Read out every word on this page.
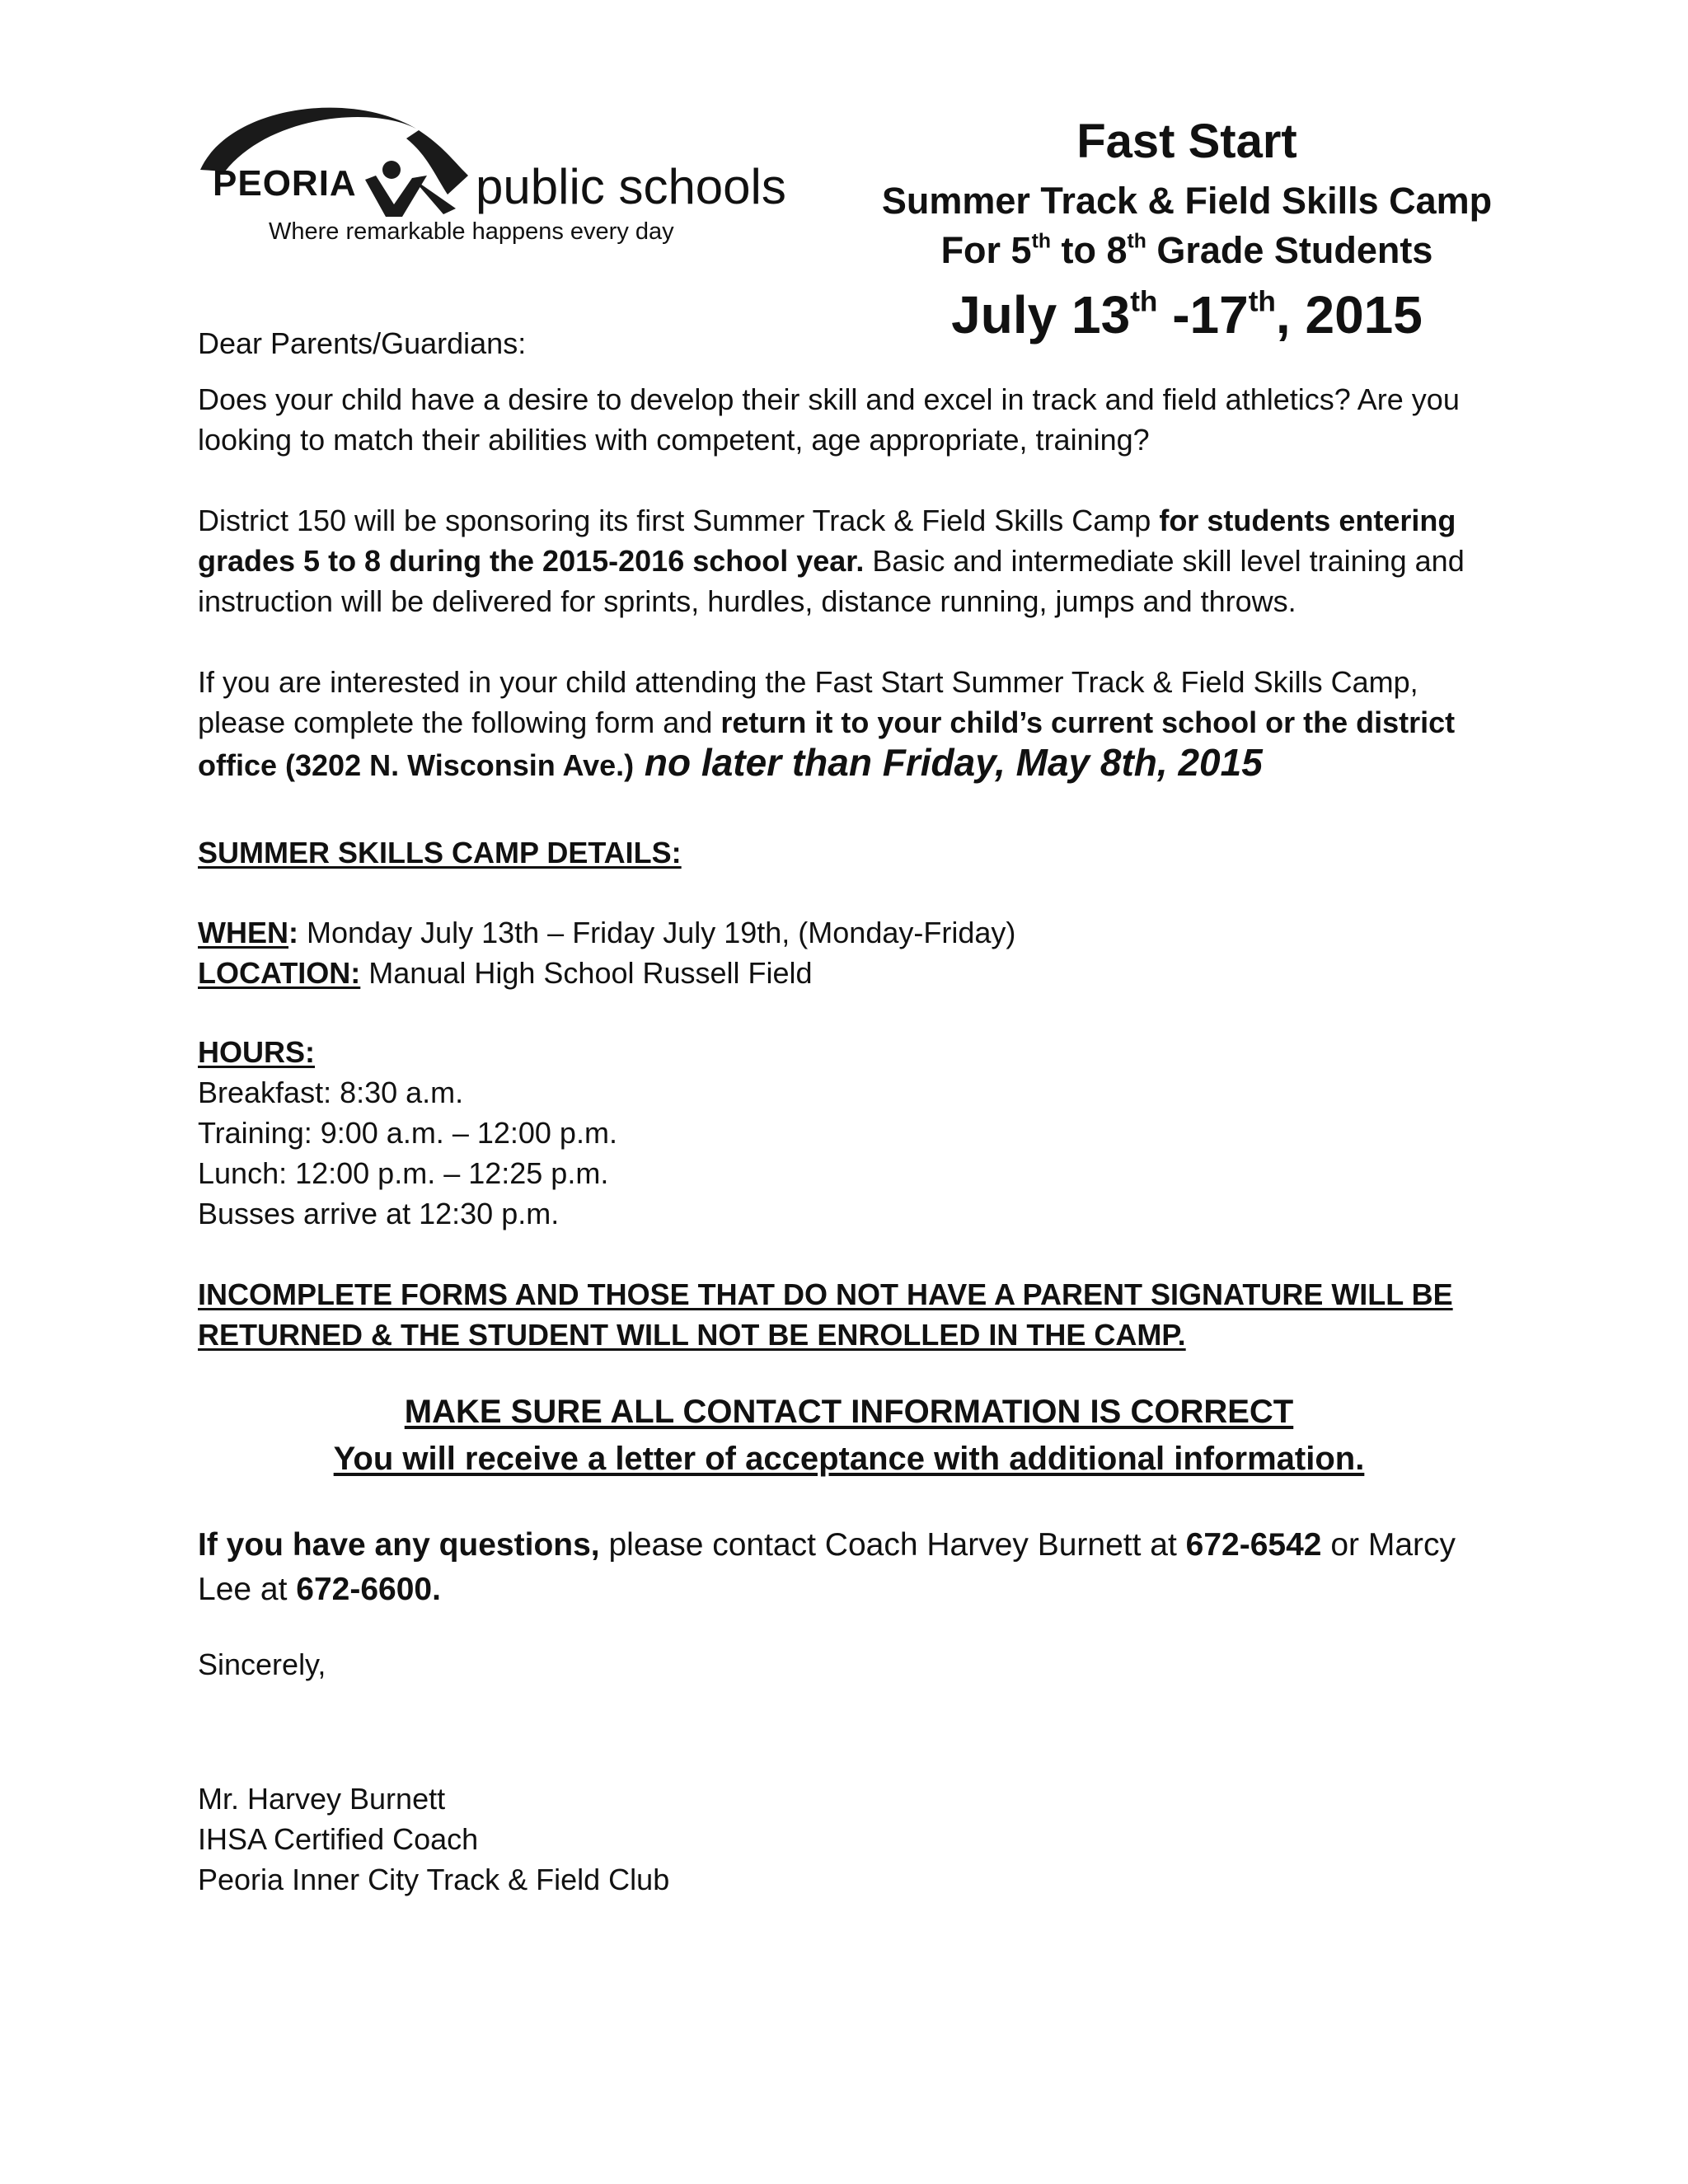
PEORIA public schools
Where remarkable happens every day
Fast Start
Summer Track & Field Skills Camp
For 5th to 8th Grade Students
July 13th -17th, 2015
Dear Parents/Guardians:
Does your child have a desire to develop their skill and excel in track and field athletics? Are you looking to match their abilities with competent, age appropriate, training?
District 150 will be sponsoring its first Summer Track & Field Skills Camp for students entering grades 5 to 8 during the 2015-2016 school year. Basic and intermediate skill level training and instruction will be delivered for sprints, hurdles, distance running, jumps and throws.
If you are interested in your child attending the Fast Start Summer Track & Field Skills Camp, please complete the following form and return it to your child’s current school or the district office (3202 N. Wisconsin Ave.) no later than Friday, May 8th, 2015
SUMMER SKILLS CAMP DETAILS:
WHEN: Monday July 13th – Friday July 19th, (Monday-Friday)
LOCATION: Manual High School Russell Field
HOURS:
Breakfast: 8:30 a.m.
Training: 9:00 a.m. – 12:00 p.m.
Lunch: 12:00 p.m. – 12:25 p.m.
Busses arrive at 12:30 p.m.
INCOMPLETE FORMS AND THOSE THAT DO NOT HAVE A PARENT SIGNATURE WILL BE
RETURNED & THE STUDENT WILL NOT BE ENROLLED IN THE CAMP.
MAKE SURE ALL CONTACT INFORMATION IS CORRECT
You will receive a letter of acceptance with additional information.
If you have any questions, please contact Coach Harvey Burnett at 672-6542 or Marcy Lee at 672-6600.
Sincerely,
Mr. Harvey Burnett
IHSA Certified Coach
Peoria Inner City Track & Field Club
